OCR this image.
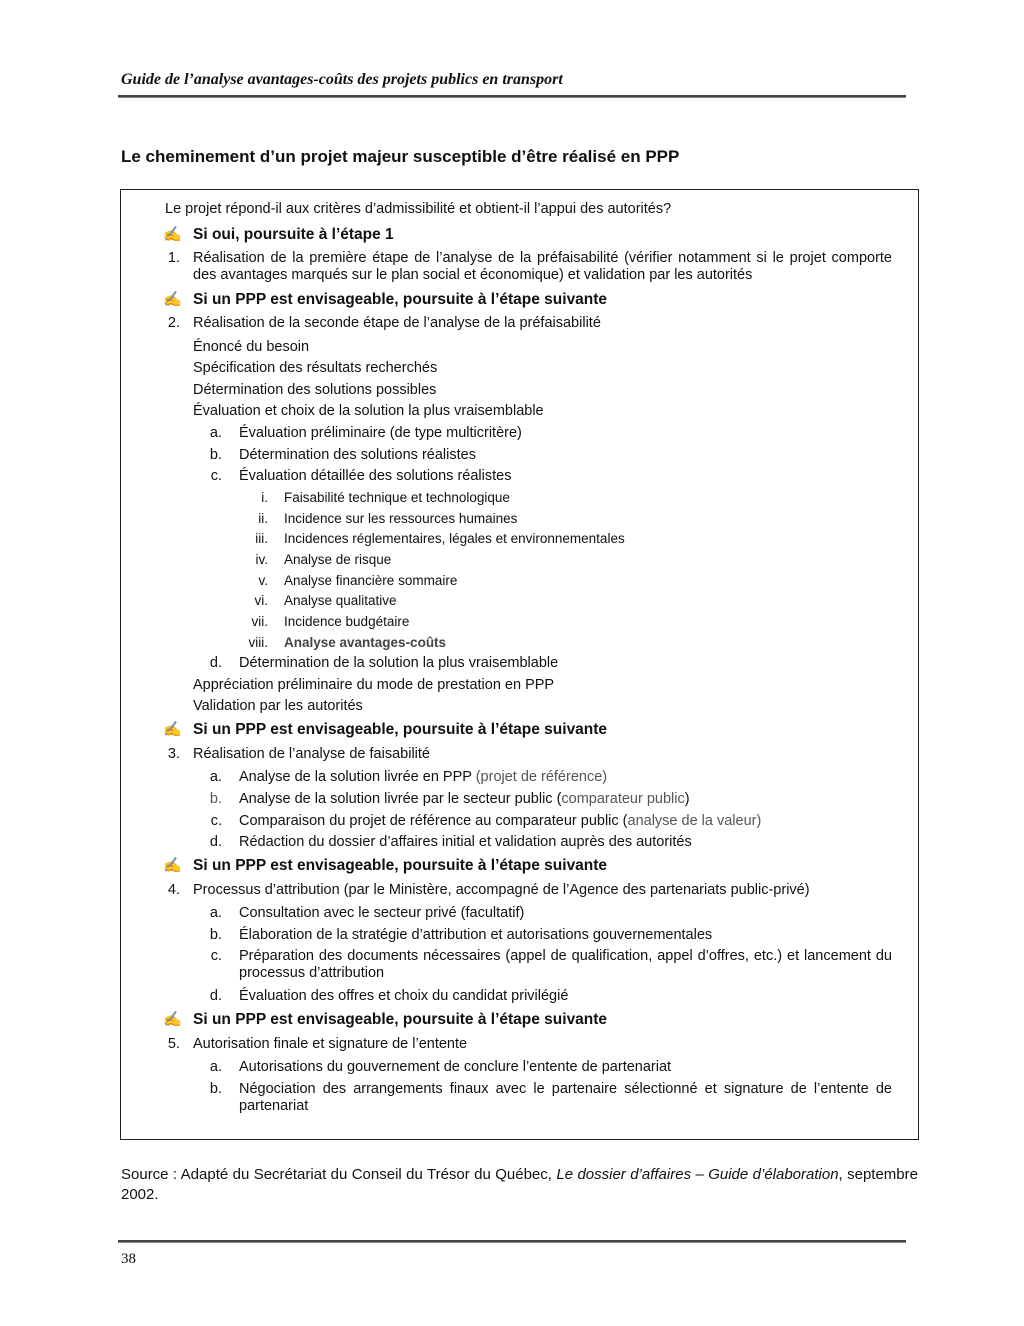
Guide de l’analyse avantages-coûts des projets publics en transport
Le cheminement d’un projet majeur susceptible d’être réalisé en PPP
Le projet répond-il aux critères d’admissibilité et obtient-il l’appui des autorités?
✍ Si oui, poursuite à l’étape 1
1. Réalisation de la première étape de l’analyse de la préfaisabilité (vérifier notamment si le projet comporte des avantages marqués sur le plan social et économique) et validation par les autorités
✍ Si un PPP est envisageable, poursuite à l’étape suivante
2. Réalisation de la seconde étape de l’analyse de la préfaisabilité
Énoncé du besoin
Spécification des résultats recherchés
Détermination des solutions possibles
Évaluation et choix de la solution la plus vraisemblable
a. Évaluation préliminaire (de type multicritère)
b. Détermination des solutions réalistes
c. Évaluation détaillée des solutions réalistes
i. Faisabilité technique et technologique
ii. Incidence sur les ressources humaines
iii. Incidences réglementaires, légales et environnementales
iv. Analyse de risque
v. Analyse financière sommaire
vi. Analyse qualitative
vii. Incidence budgétaire
viii. Analyse avantages-coûts
d. Détermination de la solution la plus vraisemblable
Appréciation préliminaire du mode de prestation en PPP
Validation par les autorités
✍ Si un PPP est envisageable, poursuite à l’étape suivante
3. Réalisation de l’analyse de faisabilité
a. Analyse de la solution livrée en PPP (projet de référence)
b. Analyse de la solution livrée par le secteur public (comparateur public)
c. Comparaison du projet de référence au comparateur public (analyse de la valeur)
d. Rédaction du dossier d’affaires initial et validation auprès des autorités
✍ Si un PPP est envisageable, poursuite à l’étape suivante
4. Processus d’attribution (par le Ministère, accompagné de l’Agence des partenariats public-privé)
a. Consultation avec le secteur privé (facultatif)
b. Élaboration de la stratégie d’attribution et autorisations gouvernementales
c. Préparation des documents nécessaires (appel de qualification, appel d’offres, etc.) et lancement du processus d’attribution
d. Évaluation des offres et choix du candidat privilégié
✍ Si un PPP est envisageable, poursuite à l’étape suivante
5. Autorisation finale et signature de l’entente
a. Autorisations du gouvernement de conclure l’entente de partenariat
b. Négociation des arrangements finaux avec le partenaire sélectionné et signature de l’entente de partenariat
Source : Adapté du Secrétariat du Conseil du Trésor du Québec, Le dossier d’affaires – Guide d’élaboration, septembre 2002.
38
